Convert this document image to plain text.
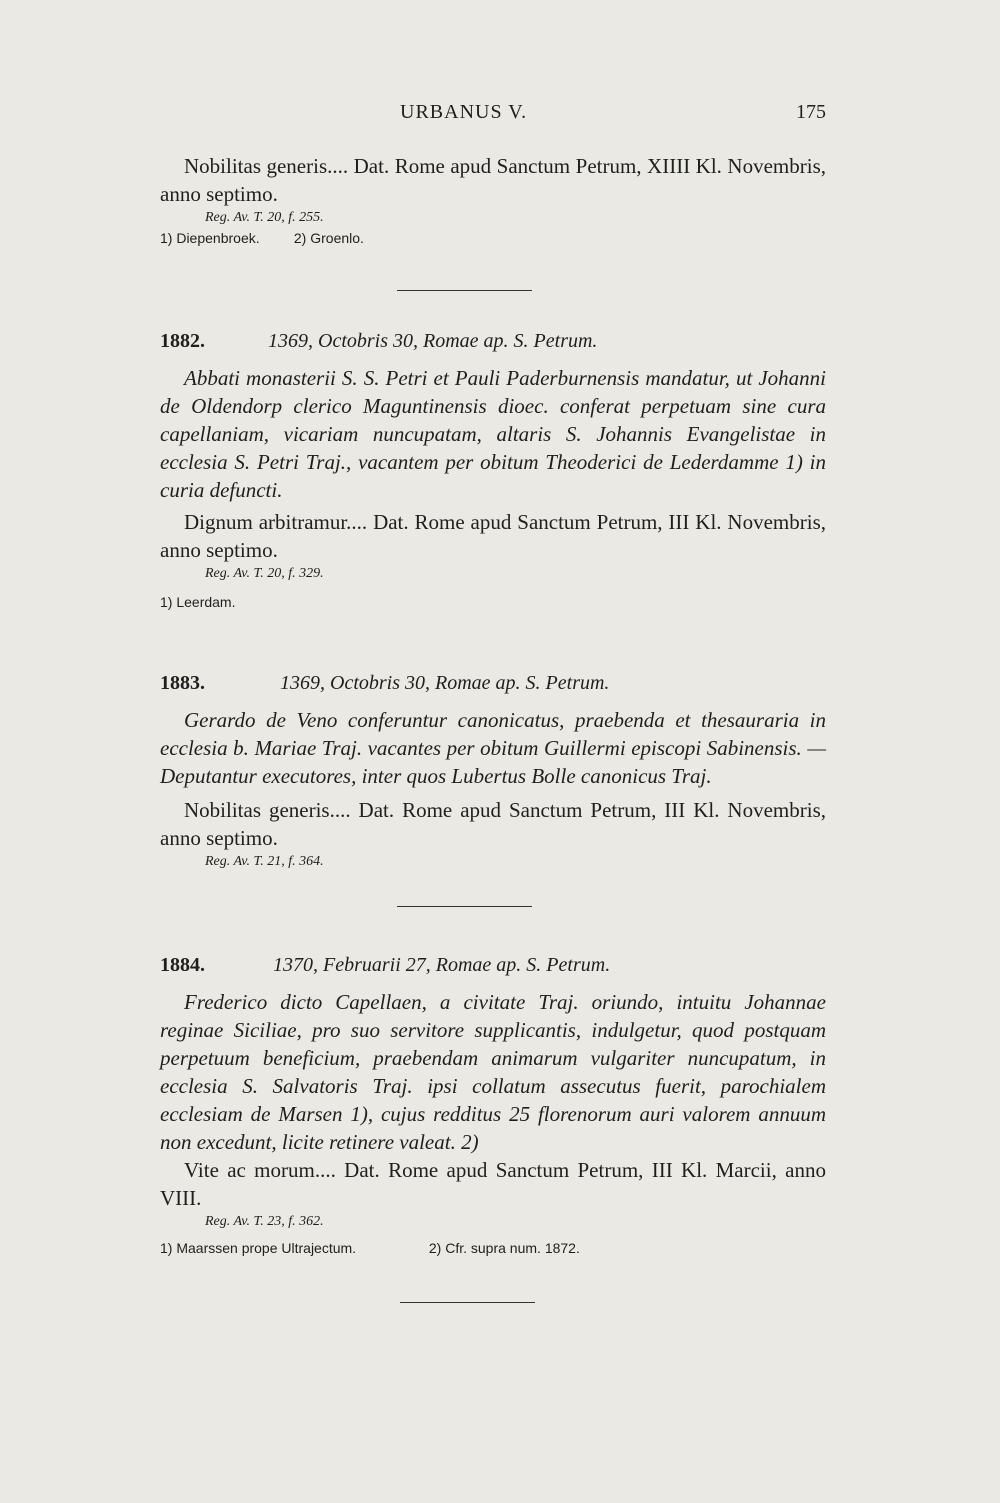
URBANUS V.	175

Nobilitas generis.... Dat. Rome apud Sanctum Petrum, XIIII Kl. Novembris, anno septimo.

Reg. Av. T. 20, f. 255.
1) Diepenbroek. 2) Groenlo.
1882.	1369, Octobris 30, Romae ap. S. Petrum.

Abbati monasterii S. S. Petri et Pauli Paderburnensis mandatur, ut Johanni de Oldendorp clerico Maguntinensis dioec. conferat perpetuam sine cura capellaniam, vicariam nuncupatam, altaris S. Johannis Evangelistae in ecclesia S. Petri Traj., vacantem per obitum Theoderici de Lederdamme 1) in curia defuncti.

Dignum arbitramur.... Dat. Rome apud Sanctum Petrum, III Kl. Novembris, anno septimo.

Reg. Av. T. 20, f. 329.
1) Leerdam.
1883.	1369, Octobris 30, Romae ap. S. Petrum.

Gerardo de Veno conferuntur canonicatus, praebenda et thesauraria in ecclesia b. Mariae Traj. vacantes per obitum Guillermi episcopi Sabinensis. — Deputantur executores, inter quos Lubertus Bolle canonicus Traj.

Nobilitas generis.... Dat. Rome apud Sanctum Petrum, III Kl. Novembris, anno septimo.

Reg. Av. T. 21, f. 364.
1884.	1370, Februarii 27, Romae ap. S. Petrum.

Frederico dicto Capellaen, a civitate Traj. oriundo, intuitu Johannae reginae Siciliae, pro suo servitore supplicantis, indulgetur, quod postquam perpetuum beneficium, praebendam animarum vulgariter nuncupatum, in ecclesia S. Salvatoris Traj. ipsi collatum assecutus fuerit, parochialem ecclesiam de Marsen 1), cujus redditus 25 florenorum auri valorem annuum non excedunt, licite retinere valeat. 2)

Vite ac morum.... Dat. Rome apud Sanctum Petrum, III Kl. Marcii, anno VIII.

Reg. Av. T. 23, f. 362.
1) Maarssen prope Ultrajectum.	2) Cfr. supra num. 1872.
